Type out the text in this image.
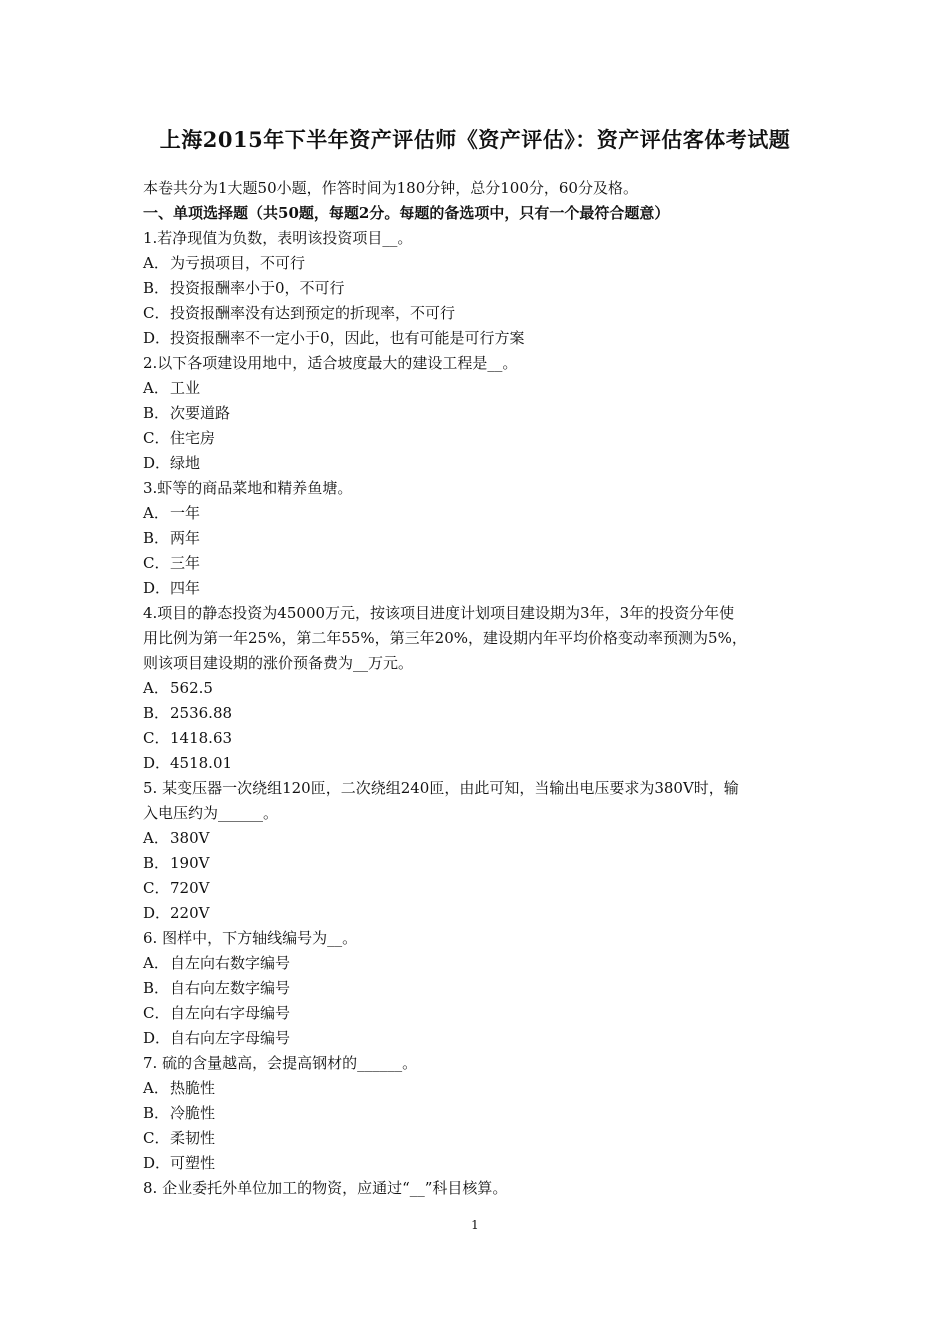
上海2015年下半年资产评估师《资产评估》：资产评估客体考试题
本卷共分为1大题50小题，作答时间为180分钟，总分100分，60分及格。
一、单项选择题（共50题，每题2分。每题的备选项中，只有一个最符合题意）
1.若净现值为负数，表明该投资项目__。
A．为亏损项目，不可行
B．投资报酬率小于0，不可行
C．投资报酬率没有达到预定的折现率，不可行
D．投资报酬率不一定小于0，因此，也有可能是可行方案
2.以下各项建设用地中，适合坡度最大的建设工程是__。
A．工业
B．次要道路
C．住宅房
D．绿地
3.虾等的商品菜地和精养鱼塘。
A．一年
B．两年
C．三年
D．四年
4.项目的静态投资为45000万元，按该项目进度计划项目建设期为3年，3年的投资分年使
用比例为第一年25%，第二年55%，第三年20%，建设期内年平均价格变动率预测为5%，
则该项目建设期的涨价预备费为__万元。
A．562.5
B．2536.88
C．1418.63
D．4518.01
5. 某变压器一次绕组120匝，二次绕组240匝，由此可知，当输出电压要求为380V时，输
入电压约为______。
A．380V
B．190V
C．720V
D．220V
6. 图样中，下方轴线编号为__。
A．自左向右数字编号
B．自右向左数字编号
C．自左向右字母编号
D．自右向左字母编号
7. 硫的含量越高，会提高钢材的______。
A．热脆性
B．冷脆性
C．柔韧性
D．可塑性
8. 企业委托外单位加工的物资，应通过“__”科目核算。
1
